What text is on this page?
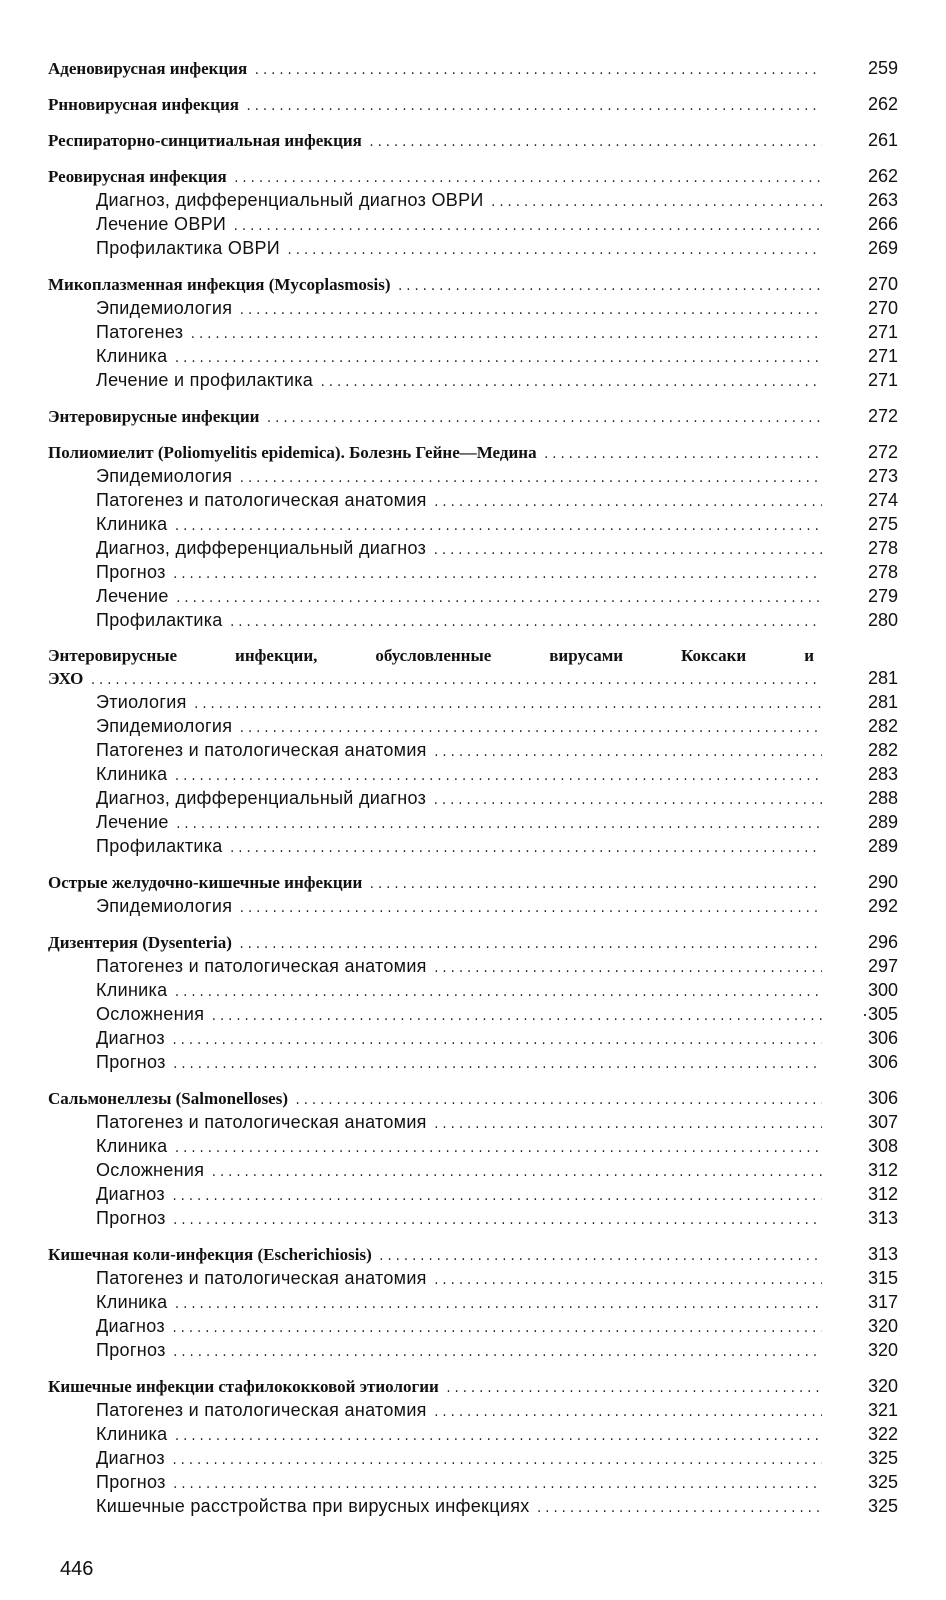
Аденовирусная инфекция .....	259
Рнновирусная инфекция .....	262
Респираторно-синцитиальная инфекция .....	261
Реовирусная инфекция .....	262
Диагноз, дифференциальный диагноз ОВРИ .....	263
Лечение ОВРИ .....	266
Профилактика ОВРИ .....	269
Микоплазменная инфекция (Mycoplasmosis) .....	270
Эпидемиология .....	270
Патогенез .....	271
Клиника .....	271
Лечение и профилактика .....	271
Энтеровирусные инфекции .....	272
Полиомиелит (Poliomyelitis epidemica). Болезнь Гейне—Медина .....	272
Эпидемиология .....	273
Патогенез и патологическая анатомия .....	274
Клиника .....	275
Диагноз, дифференциальный диагноз .....	278
Прогноз .....	278
Лечение .....	279
Профилактика .....	280
Энтеровирусные инфекции, обусловленные вирусами Коксаки и
ЭХО .....	281
Этиология .....	281
Эпидемиология .....	282
Патогенез и патологическая анатомия .....	282
Клиника .....	283
Диагноз, дифференциальный диагноз .....	288
Лечение .....	289
Профилактика .....	289
Острые желудочно-кишечные инфекции .....	290
Эпидемиология .....	292
Дизентерия (Dysenteria) .....	296
Патогенез и патологическая анатомия .....	297
Клиника .....	300
Осложнения .....	·305
Диагноз .....	306
Прогноз .....	306
Сальмонеллезы (Salmonelloses) .....	306
Патогенез и патологическая анатомия .....	307
Клиника .....	308
Осложнения .....	312
Диагноз .....	312
Прогноз .....	313
Кишечная коли-инфекция (Escherichiosis) .....	313
Патогенез и патологическая анатомия .....	315
Клиника .....	317
Диагноз .....	320
Прогноз .....	320
Кишечные инфекции стафилококковой этиологии .....	320
Патогенез и патологическая анатомия .....	321
Клиника .....	322
Диагноз .....	325
Прогноз .....	325
Кишечные расстройства при вирусных инфекциях .....	325
446
